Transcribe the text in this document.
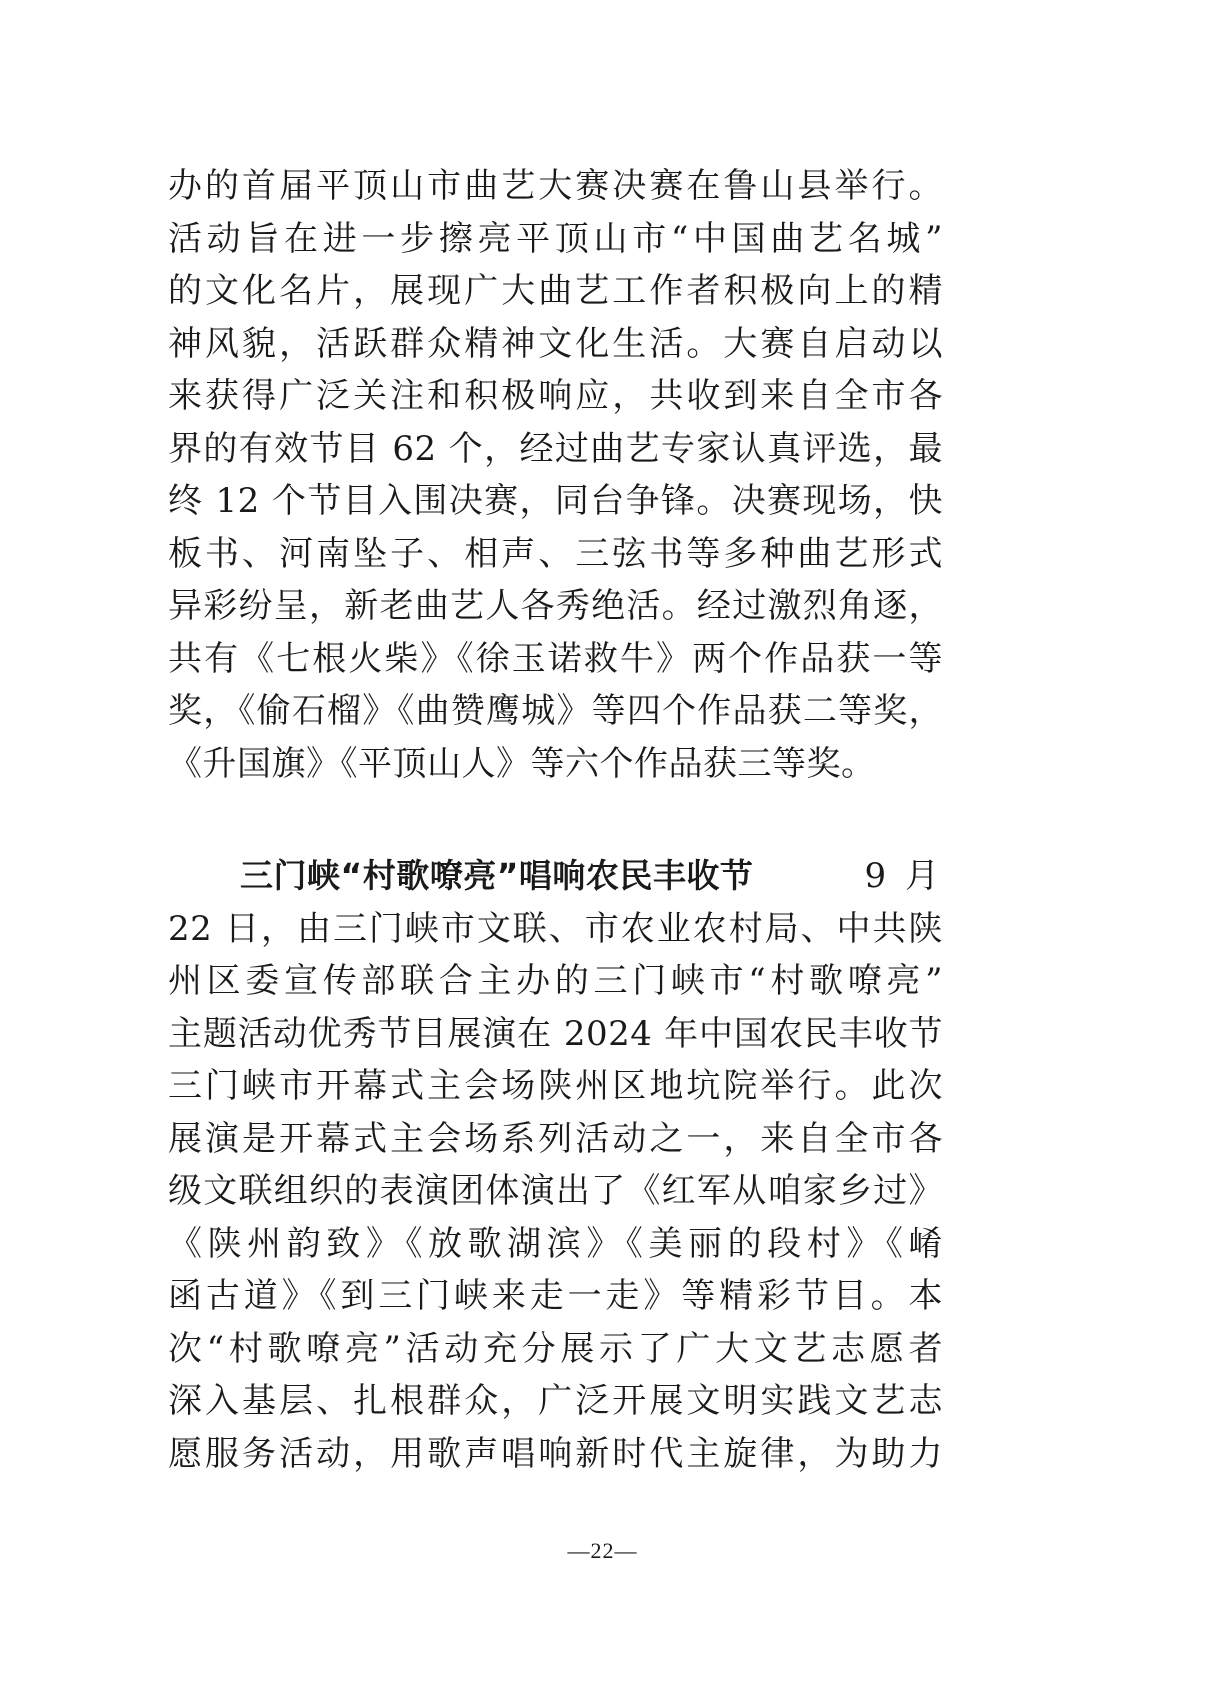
办的首届平顶山市曲艺大赛决赛在鲁山县举行。
活动旨在进一步擦亮平顶山市“中国曲艺名城”
的文化名片，展现广大曲艺工作者积极向上的精
神风貌，活跃群众精神文化生活。大赛自启动以
来获得广泛关注和积极响应，共收到来自全市各
界的有效节目 62 个，经过曲艺专家认真评选，最
终 12 个节目入围决赛，同台争锋。决赛现场，快
板书、河南坠子、相声、三弦书等多种曲艺形式
异彩纷呈，新老曲艺人各秀绝活。经过激烈角逐，
共有《七根火柴》《徐玉诺救牛》两个作品获一等
奖，《偷石榴》《曲赞鹰城》等四个作品获二等奖，
《升国旗》《平顶山人》等六个作品获三等奖。
三门峡“村歌嘹亮”唱响农民丰收节	9 月
22 日，由三门峡市文联、市农业农村局、中共陕
州区委宣传部联合主办的三门峡市“村歌嘹亮”
主题活动优秀节目展演在 2024 年中国农民丰收节
三门峡市开幕式主会场陕州区地坑院举行。此次
展演是开幕式主会场系列活动之一，来自全市各
级文联组织的表演团体演出了《红军从咱家乡过》
《陕州韵致》《放歌湖滨》《美丽的段村》《崤
函古道》《到三门峡来走一走》等精彩节目。本
次“村歌嘹亮”活动充分展示了广大文艺志愿者
深入基层、扎根群众，广泛开展文明实践文艺志
愿服务活动，用歌声唱响新时代主旋律，为助力
—22—
